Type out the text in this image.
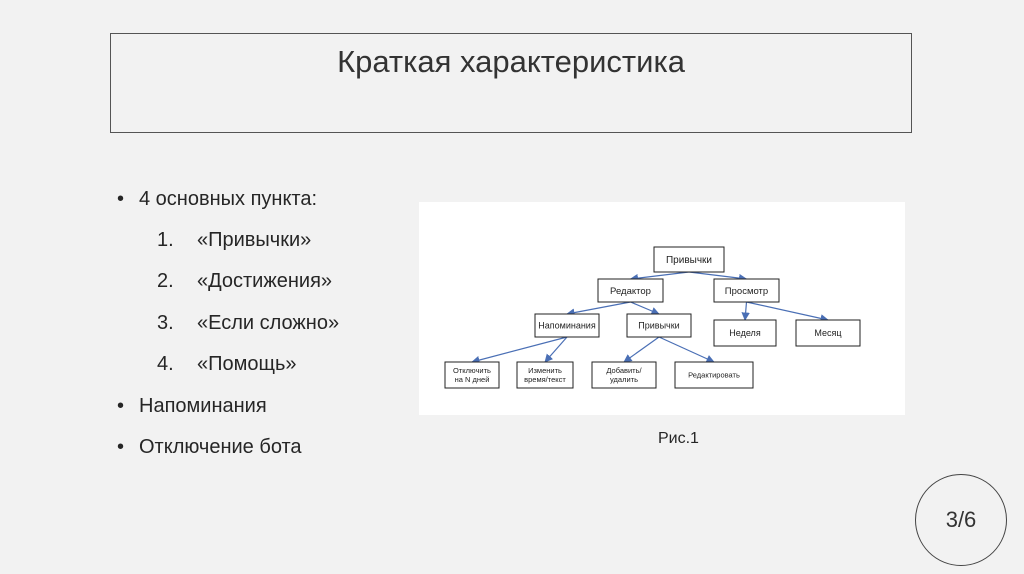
Краткая характеристика
• 4 основных пункта:
1. «Привычки»
2. «Достижения»
3. «Если сложно»
4. «Помощь»
• Напоминания
• Отключение бота
Привычки
Редактор	Просмотр
Напоминания	Привычки
Неделя	Месяц
Отключить
на N дней
Изменить
время/текст
Добавить/
удалить	Редактировать
Рис.1
3/6
